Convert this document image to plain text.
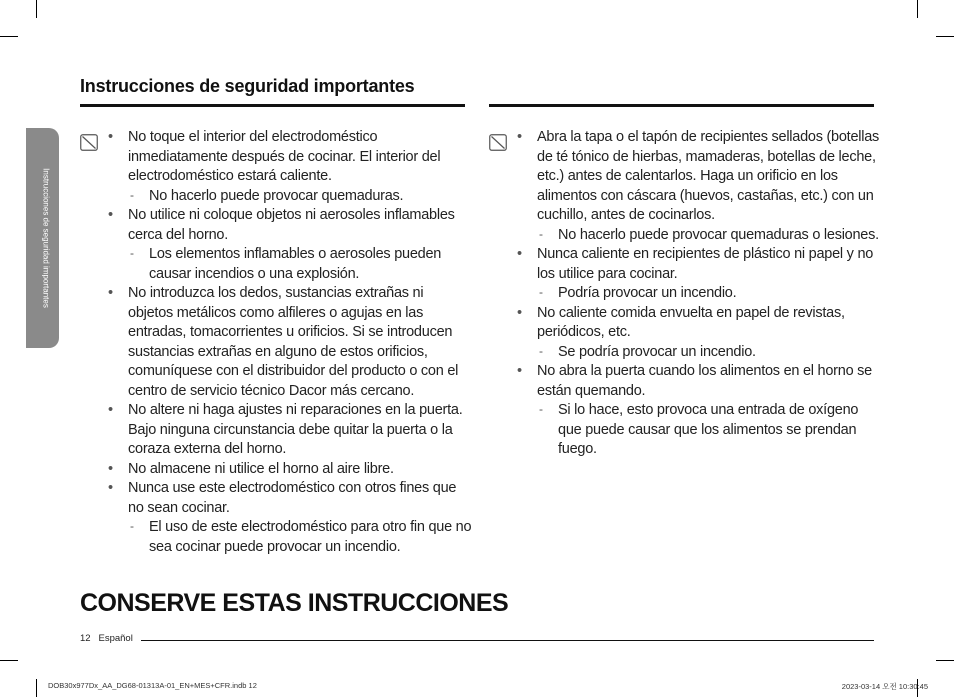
Instrucciones de seguridad importantes
Instrucciones de seguridad importantes
• No toque el interior del electrodoméstico inmediatamente después de cocinar. El interior del electrodoméstico estará caliente.
- No hacerlo puede provocar quemaduras.
• No utilice ni coloque objetos ni aerosoles inflamables cerca del horno.
- Los elementos inflamables o aerosoles pueden causar incendios o una explosión.
• No introduzca los dedos, sustancias extrañas ni objetos metálicos como alfileres o agujas en las entradas, tomacorrientes u orificios. Si se introducen sustancias extrañas en alguno de estos orificios, comuníquese con el distribuidor del producto o con el centro de servicio técnico Dacor más cercano.
• No altere ni haga ajustes ni reparaciones en la puerta. Bajo ninguna circunstancia debe quitar la puerta o la coraza externa del horno.
• No almacene ni utilice el horno al aire libre.
• Nunca use este electrodoméstico con otros fines que no sean cocinar.
- El uso de este electrodoméstico para otro fin que no sea cocinar puede provocar un incendio.
• Abra la tapa o el tapón de recipientes sellados (botellas de té tónico de hierbas, mamaderas, botellas de leche, etc.) antes de calentarlos. Haga un orificio en los alimentos con cáscara (huevos, castañas, etc.) con un cuchillo, antes de cocinarlos.
- No hacerlo puede provocar quemaduras o lesiones.
• Nunca caliente en recipientes de plástico ni papel y no los utilice para cocinar.
- Podría provocar un incendio.
• No caliente comida envuelta en papel de revistas, periódicos, etc.
- Se podría provocar un incendio.
• No abra la puerta cuando los alimentos en el horno se están quemando.
- Si lo hace, esto provoca una entrada de oxígeno que puede causar que los alimentos se prendan fuego.
CONSERVE ESTAS INSTRUCCIONES
12 Español
DOB30x977Dx_AA_DG68-01313A-01_EN+MES+CFR.indb 12	2023-03-14 오전 10:30:45
